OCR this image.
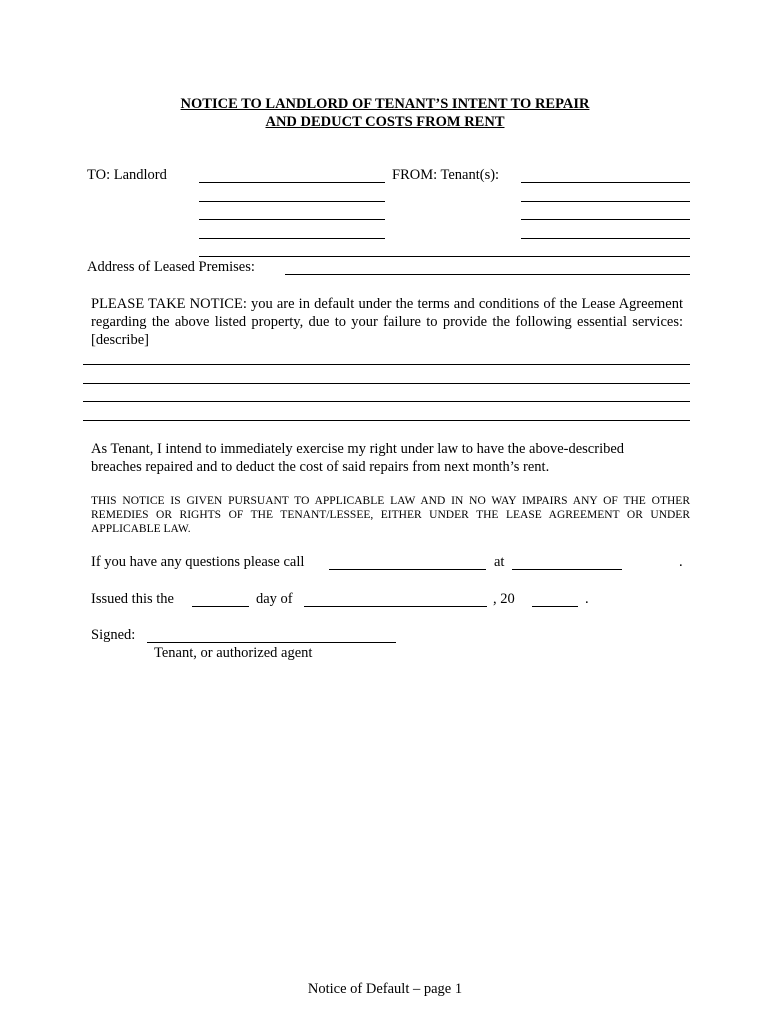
NOTICE TO LANDLORD OF TENANT’S INTENT TO REPAIR
AND DEDUCT COSTS FROM RENT
TO: Landlord	FROM: Tenant(s):
Address of Leased Premises:
PLEASE TAKE NOTICE: you are in default under the terms and conditions of the Lease Agreement regarding the above listed property, due to your failure to provide the following essential services: [describe]
As Tenant, I intend to immediately exercise my right under law to have the above-described breaches repaired and to deduct the cost of said repairs from next month’s rent.
THIS NOTICE IS GIVEN PURSUANT TO APPLICABLE LAW AND IN NO WAY IMPAIRS ANY OF THE OTHER REMEDIES OR RIGHTS OF THE TENANT/LESSEE, EITHER UNDER THE LEASE AGREEMENT OR UNDER APPLICABLE LAW.
If you have any questions please call	at	.
Issued this the	day of	, 20	.
Signed:
Tenant, or authorized agent
Notice of Default – page 1
